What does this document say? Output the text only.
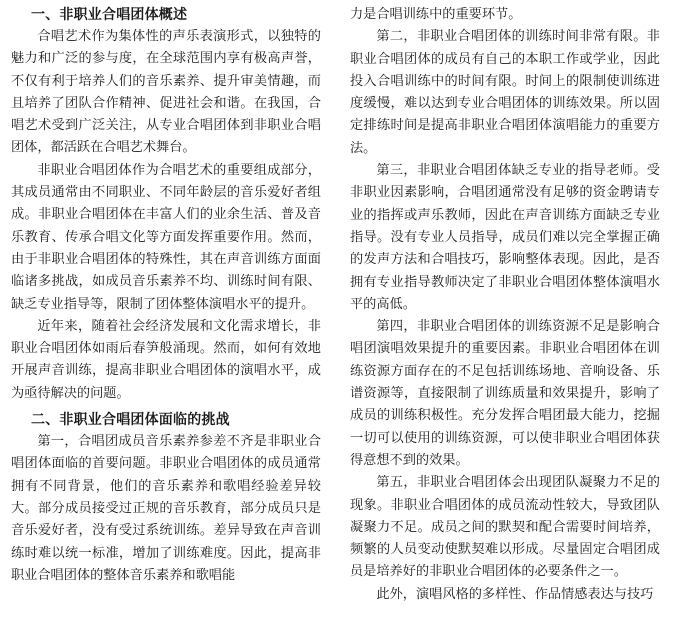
一、非职业合唱团体概述

合唱艺术作为集体性的声乐表演形式，以独特的魅力和广泛的参与度，在全球范围内享有极高声誉，不仅有利于培养人们的音乐素养、提升审美情趣，而且培养了团队合作精神、促进社会和谐。在我国，合唱艺术受到广泛关注，从专业合唱团体到非职业合唱团体，都活跃在合唱艺术舞台。

非职业合唱团体作为合唱艺术的重要组成部分，其成员通常由不同职业、不同年龄层的音乐爱好者组成。非职业合唱团体在丰富人们的业余生活、普及音乐教育、传承合唱文化等方面发挥重要作用。然而，由于非职业合唱团体的特殊性，其在声音训练方面面临诸多挑战，如成员音乐素养不均、训练时间有限、缺乏专业指导等，限制了团体整体演唱水平的提升。

近年来，随着社会经济发展和文化需求增长，非职业合唱团体如雨后春笋般涌现。然而，如何有效地开展声音训练，提高非职业合唱团体的演唱水平，成为亟待解决的问题。

二、非职业合唱团体面临的挑战

第一，合唱团成员音乐素养参差不齐是非职业合唱团体面临的首要问题。非职业合唱团体的成员通常拥有不同背景，他们的音乐素养和歌唱经验差异较大。部分成员接受过正规的音乐教育，部分成员只是音乐爱好者，没有受过系统训练。差异导致在声音训练时难以统一标准，增加了训练难度。因此，提高非职业合唱团体的整体音乐素养和歌唱能

力是合唱训练中的重要环节。

第二，非职业合唱团体的训练时间非常有限。非职业合唱团体的成员有自己的本职工作或学业，因此投入合唱训练中的时间有限。时间上的限制使训练进度缓慢，难以达到专业合唱团体的训练效果。所以固定排练时间是提高非职业合唱团体演唱能力的重要方法。

第三，非职业合唱团体缺乏专业的指导老师。受非职业因素影响，合唱团通常没有足够的资金聘请专业的指挥或声乐教师，因此在声音训练方面缺乏专业指导。没有专业人员指导，成员们难以完全掌握正确的发声方法和合唱技巧，影响整体表现。因此，是否拥有专业指导教师决定了非职业合唱团体整体演唱水平的高低。

第四，非职业合唱团体的训练资源不足是影响合唱团演唱效果提升的重要因素。非职业合唱团体在训练资源方面存在的不足包括训练场地、音响设备、乐谱资源等，直接限制了训练质量和效果提升，影响了成员的训练积极性。充分发挥合唱团最大能力，挖掘一切可以使用的训练资源，可以使非职业合唱团体获得意想不到的效果。

第五，非职业合唱团体会出现团队凝聚力不足的现象。非职业合唱团体的成员流动性较大，导致团队凝聚力不足。成员之间的默契和配合需要时间培养，频繁的人员变动使默契难以形成。尽量固定合唱团成员是培养好的非职业合唱团体的必要条件之一。

此外，演唱风格的多样性、作品情感表达与技巧
